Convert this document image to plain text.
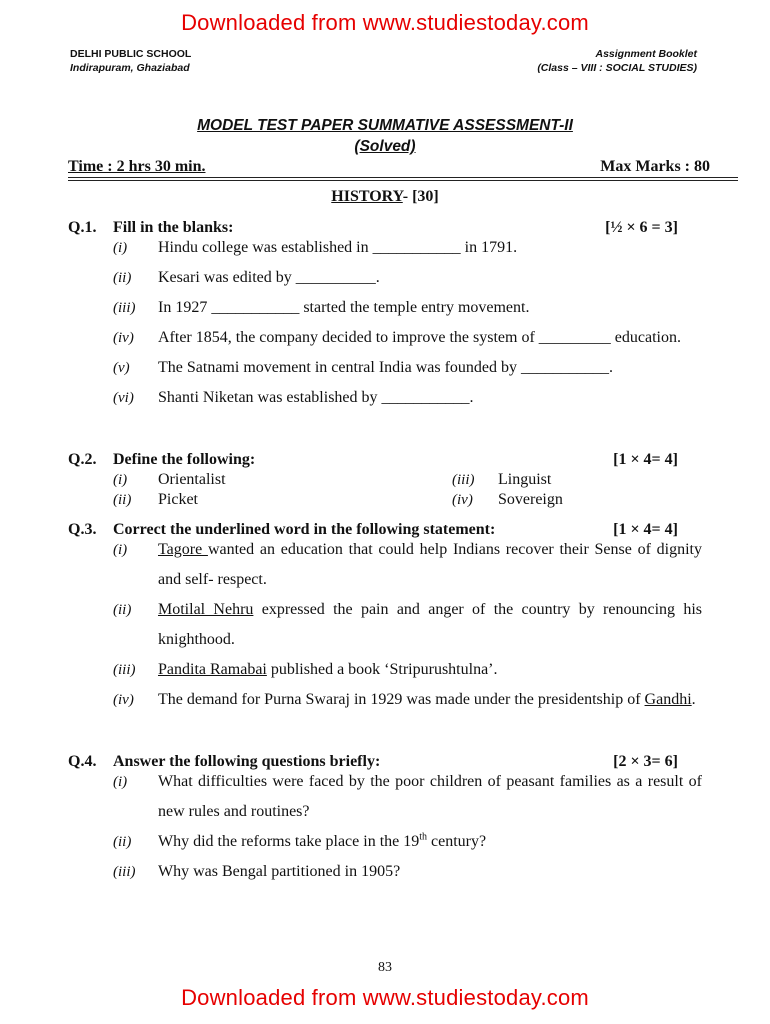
Downloaded from www.studiestoday.com
DELHI PUBLIC SCHOOL
Indirapuram, Ghaziabad
Assignment Booklet
(Class – VIII : SOCIAL STUDIES)
MODEL TEST PAPER SUMMATIVE ASSESSMENT-II
(Solved)
Time : 2 hrs 30 min.	Max Marks : 80
HISTORY- [30]
Q.1. Fill in the blanks:	[½ × 6 = 3]
(i) Hindu college was established in ___________ in 1791.
(ii) Kesari was edited by __________.
(iii) In 1927 ___________ started the temple entry movement.
(iv) After 1854, the company decided to improve the system of _________ education.
(v) The Satnami movement in central India was founded by ___________.
(vi) Shanti Niketan was established by ___________.
Q.2. Define the following:	[1 × 4= 4]
(i) Orientalist	(iii) Linguist
(ii) Picket	(iv) Sovereign
Q.3. Correct the underlined word in the following statement:	[1 × 4= 4]
(i) Tagore wanted an education that could help Indians recover their Sense of dignity and self- respect.
(ii) Motilal Nehru expressed the pain and anger of the country by renouncing his knighthood.
(iii) Pandita Ramabai published a book ‘Stripurushtulna’.
(iv) The demand for Purna Swaraj in 1929 was made under the presidentship of Gandhi.
Q.4. Answer the following questions briefly:	[2 × 3= 6]
(i) What difficulties were faced by the poor children of peasant families as a result of new rules and routines?
(ii) Why did the reforms take place in the 19th century?
(iii) Why was Bengal partitioned in 1905?
83
Downloaded from www.studiestoday.com
